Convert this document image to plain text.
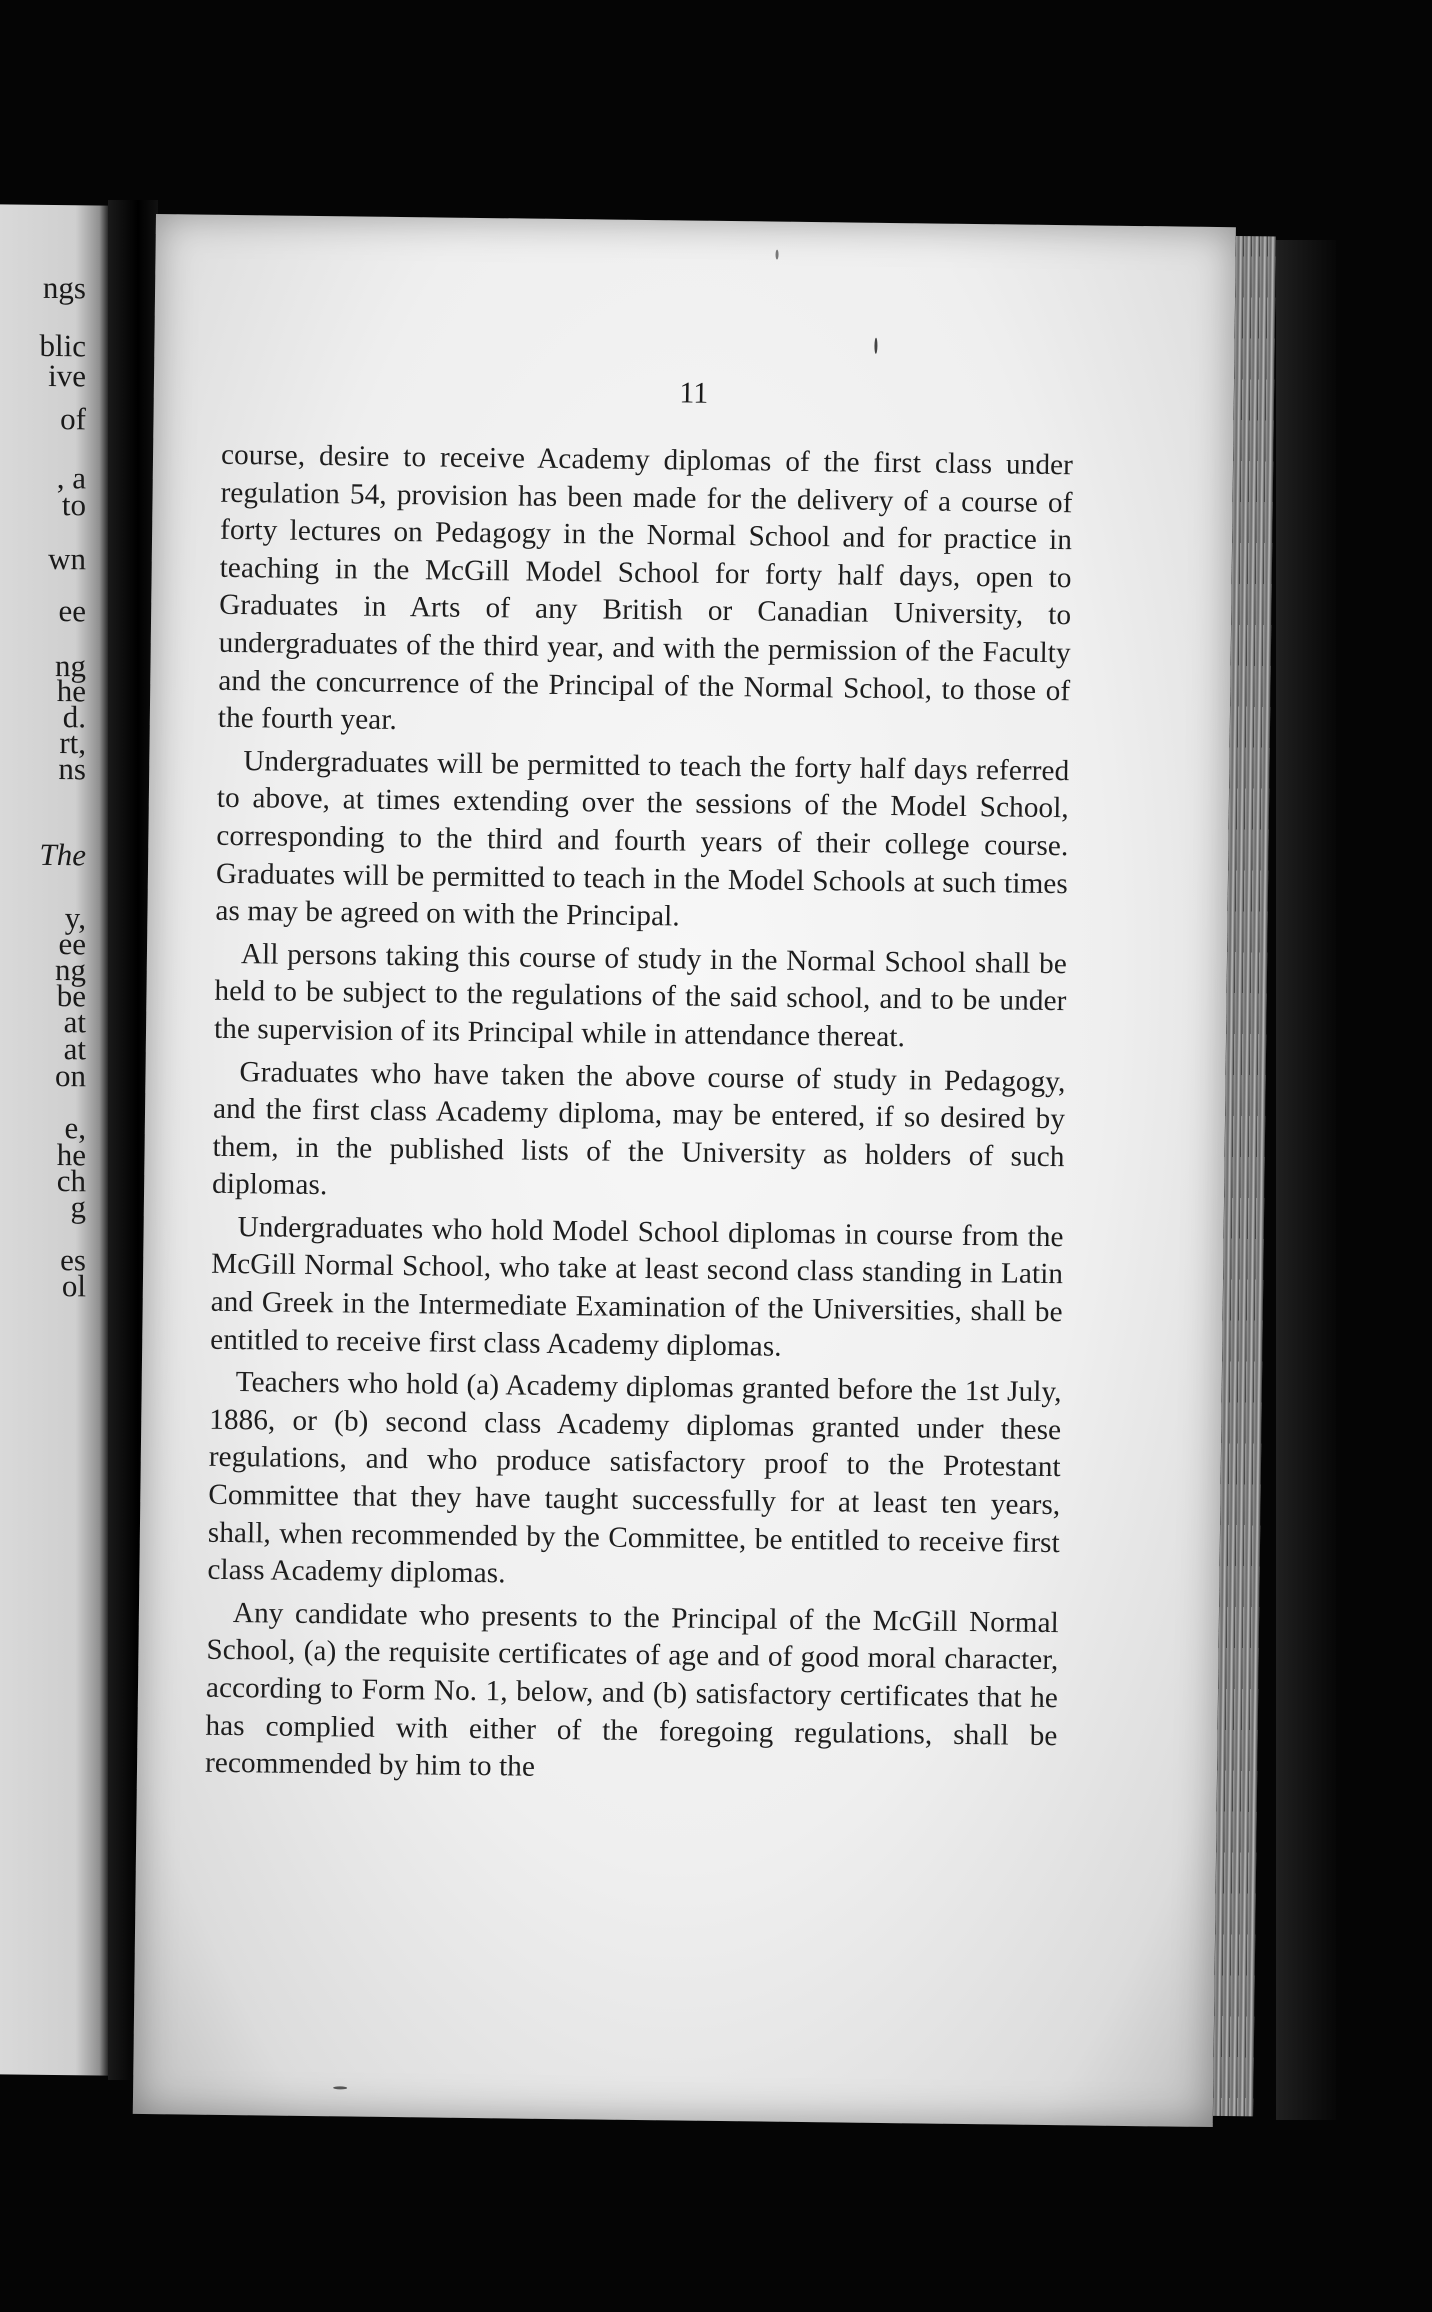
ngs
blic
ive
of
, a
to
wn
ee
ng
he
d.
rt,
ns
The
y,
ee
ng
be
at
at
on
e,
he
ch
g
es
ol
11

course, desire to receive Academy diplomas of the first class under regulation 54, provision has been made for the delivery of a course of forty lectures on Pedagogy in the Normal School and for practice in teaching in the McGill Model School for forty half days, open to Graduates in Arts of any British or Canadian University, to undergraduates of the third year, and with the permission of the Faculty and the concurrence of the Principal of the Normal School, to those of the fourth year.

Undergraduates will be permitted to teach the forty half days referred to above, at times extending over the sessions of the Model School, corresponding to the third and fourth years of their college course. Graduates will be permitted to teach in the Model Schools at such times as may be agreed on with the Principal.

All persons taking this course of study in the Normal School shall be held to be subject to the regulations of the said school, and to be under the supervision of its Principal while in attendance thereat.

Graduates who have taken the above course of study in Pedagogy, and the first class Academy diploma, may be entered, if so desired by them, in the published lists of the University as holders of such diplomas.

Undergraduates who hold Model School diplomas in course from the McGill Normal School, who take at least second class standing in Latin and Greek in the Intermediate Examination of the Universities, shall be entitled to receive first class Academy diplomas.

Teachers who hold (a) Academy diplomas granted before the 1st July, 1886, or (b) second class Academy diplomas granted under these regulations, and who produce satisfactory proof to the Protestant Committee that they have taught successfully for at least ten years, shall, when recommended by the Committee, be entitled to receive first class Academy diplomas.

Any candidate who presents to the Principal of the McGill Normal School, (a) the requisite certificates of age and of good moral character, according to Form No. 1, below, and (b) satisfactory certificates that he has complied with either of the foregoing regulations, shall be recommended by him to the
